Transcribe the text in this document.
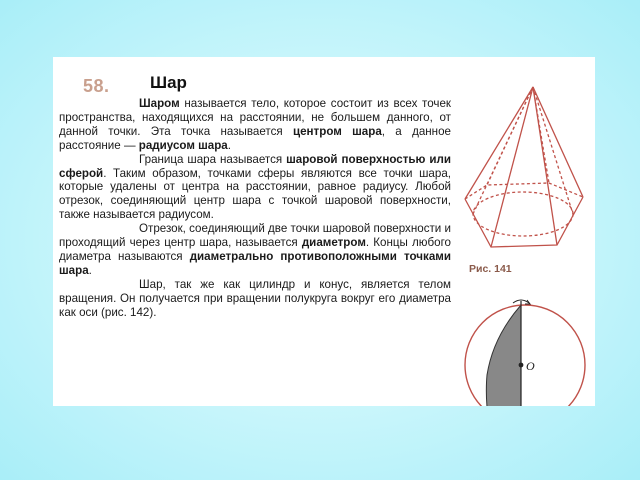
58. Шар

Шаром называется тело, которое состоит из всех точек пространства, находящихся на расстоянии, не большем данного, от данной точки. Эта точка называется центром шара, а данное расстояние — радиусом шара.

Граница шара называется шаровой поверхностью или сферой. Таким образом, точками сферы являются все точки шара, которые удалены от центра на расстоянии, равное радиусу. Любой отрезок, соединяющий центр шара с точкой шаровой поверхности, также называется радиусом.

Отрезок, соединяющий две точки шаровой поверхности и проходящий через центр шара, называется диаметром. Концы любого диаметра называются диаметрально противоположными точками шара.

Шар, так же как цилиндр и конус, является телом вращения. Он получается при вращении полукруга вокруг его диаметра как оси (рис. 142).

Рис. 141
O
